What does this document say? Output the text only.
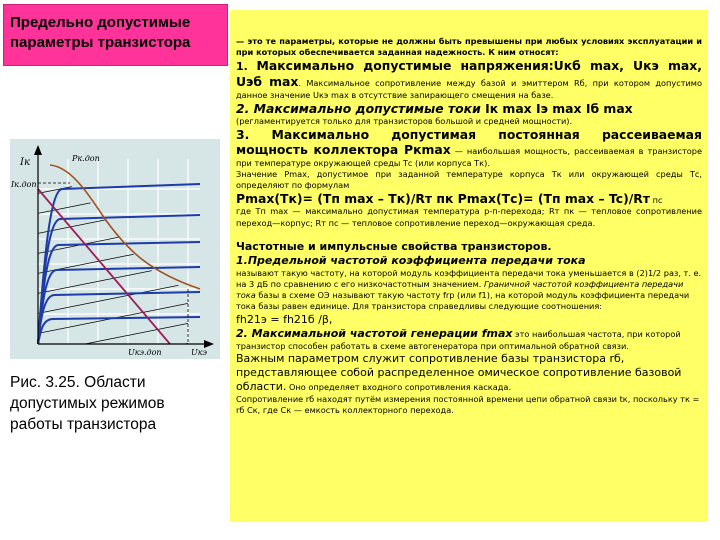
Предельно допустимые параметры транзистора	— это те параметры, которые не должны быть превышены при любых условиях эксплуатации и при которых обеспечивается заданная надежность. К ним относят:

1. Максимально допустимые напряжения:Uкб max, Uкэ max, Uэб max. Максимальное сопротивление между базой и эмиттером Rб, при котором допустимо данное значение Uкэ max в отсутствие запирающего смещения на базе.

2. Максимально допустимые токи Iк max Iэ max Iб max

(регламентируется только для транзисторов большой и средней мощности).

3. Максимально допустимая постоянная рассеиваемая мощность коллектора Pкmax — наибольшая мощность, рассеиваемая в транзисторе при температуре окружающей среды Тс (или корпуса Тк).

Значение Pmax, допустимое при заданной температуре корпуса Тк или окружающей среды Тс, определяют по формулам

Pmax(Тк)= (Tп max – Tк)/Rт пк Pmax(Тс)= (Tп max – Tc)/Rт пс

где Тп max — максимально допустимая температура р-п-перехода; Rт пк — тепловое сопротивление переход—корпус; Rт пс — тепловое сопротивление переход—окружающая среда.

Частотные и импульсные свойства транзисторов.

1.Предельной частотой коэффициента передачи тока

называют такую частоту, на которой модуль коэффициента передачи тока уменьшается в (2)1/2 раз, т. е. на 3 дБ по сравнению с его низкочастотным значением. Граничной частотой коэффициента передачи тока базы в схеме ОЭ называют такую частоту frp (или f1), на которой модуль коэффициента передачи тока базы равен единице. Для транзистора справедливы следующие соотношения:

fh21э = fh21б /β,

2. Максимальной частотой генерации fmax это наибольшая частота, при которой транзистор способен работать в схеме автогенератора при оптимальной обратной связи.

Важным параметром служит сопротивление базы транзистора rб, представляющее собой распределенное омическое сопротивление базовой области. Оно определяет входного сопротивления каскада.

Сопротивление rб находят путём измерения постоянной времени цепи обратной связи tк, поскольку тк = rб Cк, где Ск — емкость коллекторного перехода.

Iк
Iк.доп
Pк.доп
Uкэ.доп	Uкэ
Рис. 3.25. Области допустимых режимов работы транзистора
